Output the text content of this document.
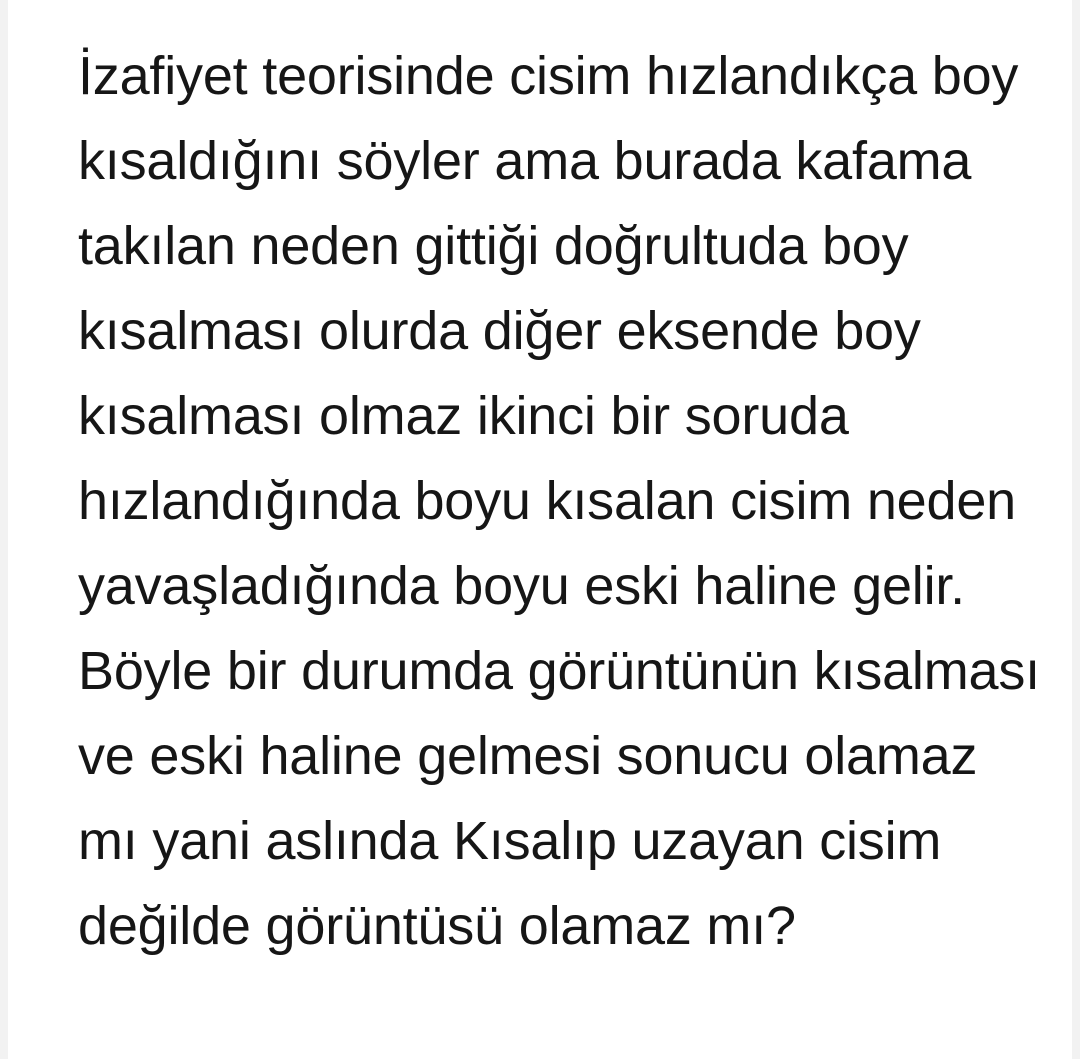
İzafiyet teorisinde cisim hızlandıkça boy kısaldığını söyler ama burada kafama takılan neden gittiği doğrultuda boy kısalması olurda diğer eksende boy kısalması olmaz ikinci bir soruda hızlandığında boyu kısalan cisim neden yavaşladığında boyu eski haline gelir. Böyle bir durumda görüntünün kısalması ve eski haline gelmesi sonucu olamaz mı yani aslında Kısalıp uzayan cisim değilde görüntüsü olamaz mı?
